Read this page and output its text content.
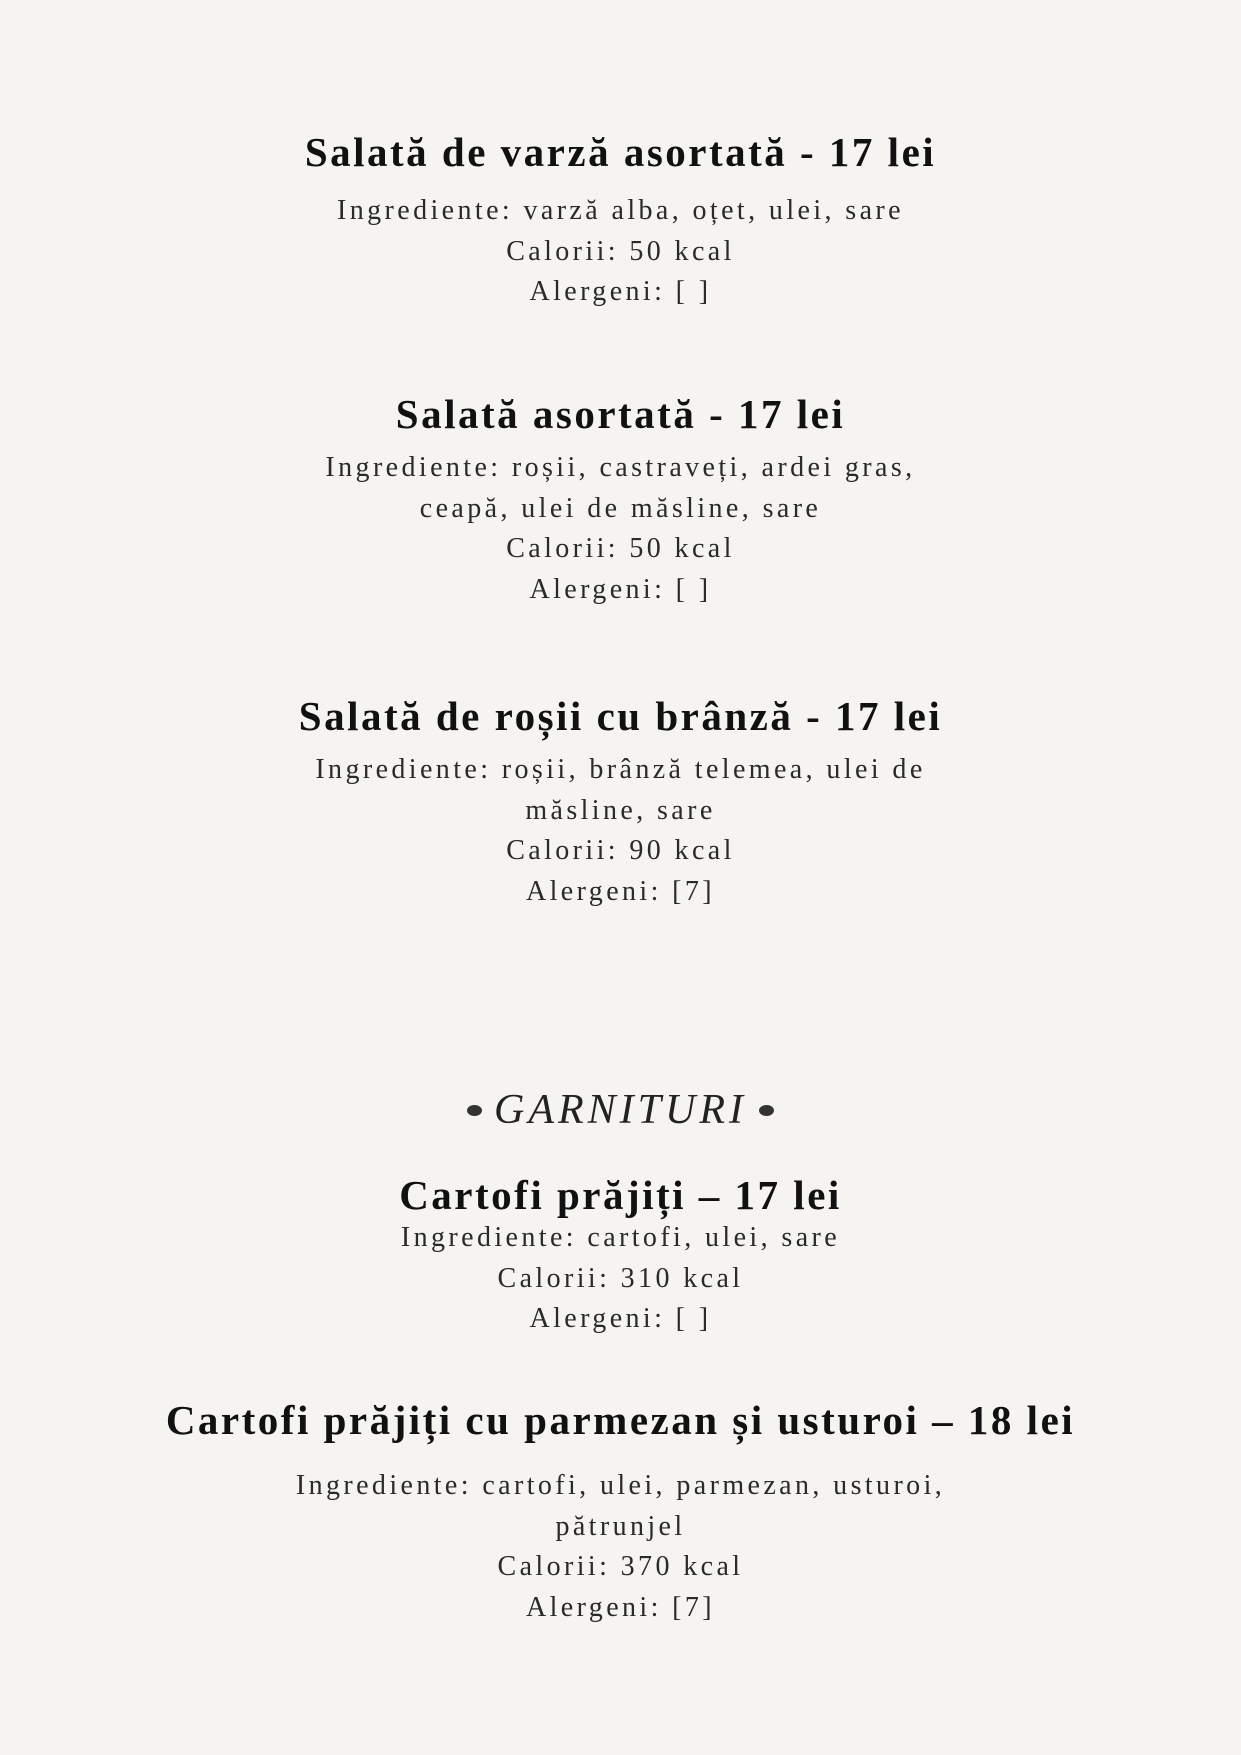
Salată de varză asortată - 17 lei
Ingrediente: varză alba, oțet, ulei, sare
Calorii: 50 kcal
Alergeni: [ ]
Salată asortată - 17 lei
Ingrediente: roșii, castraveți, ardei gras,
ceapă, ulei de măsline, sare
Calorii: 50 kcal
Alergeni: [ ]
Salată de roșii cu brânză - 17 lei
Ingrediente: roșii, brânză telemea, ulei de
măsline, sare
Calorii: 90 kcal
Alergeni: [7]
GARNITURI
Cartofi prăjiți – 17 lei
Ingrediente: cartofi, ulei, sare
Calorii: 310 kcal
Alergeni: [ ]
Cartofi prăjiți cu parmezan și usturoi – 18 lei
Ingrediente: cartofi, ulei, parmezan, usturoi,
pătrunjel
Calorii: 370 kcal
Alergeni: [7]
